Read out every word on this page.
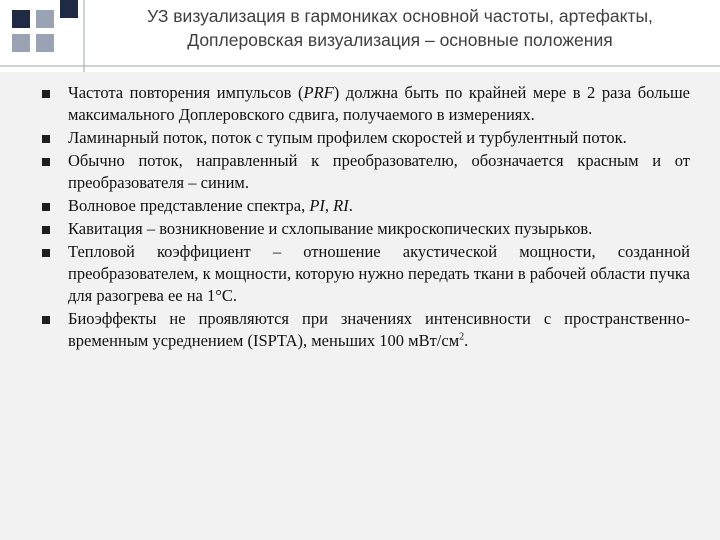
УЗ визуализация в гармониках основной частоты, артефакты,
Доплеровская визуализация – основные положения
Частота повторения импульсов (PRF) должна быть по крайней мере в 2 раза больше максимального Доплеровского сдвига, получаемого в измерениях.
Ламинарный поток, поток с тупым профилем скоростей и турбулентный поток.
Обычно поток, направленный к преобразователю, обозначается красным и от преобразователя – синим.
Волновое представление спектра, PI, RI.
Кавитация – возникновение и схлопывание микроскопических пузырьков.
Тепловой коэффициент – отношение акустической мощности, созданной преобразователем, к мощности, которую нужно передать ткани в рабочей области пучка для разогрева ее на 1°С.
Биоэффекты не проявляются при значениях интенсивности с пространственно-временным усреднением (ISPTA), меньших 100 мВт/$см^2$.
